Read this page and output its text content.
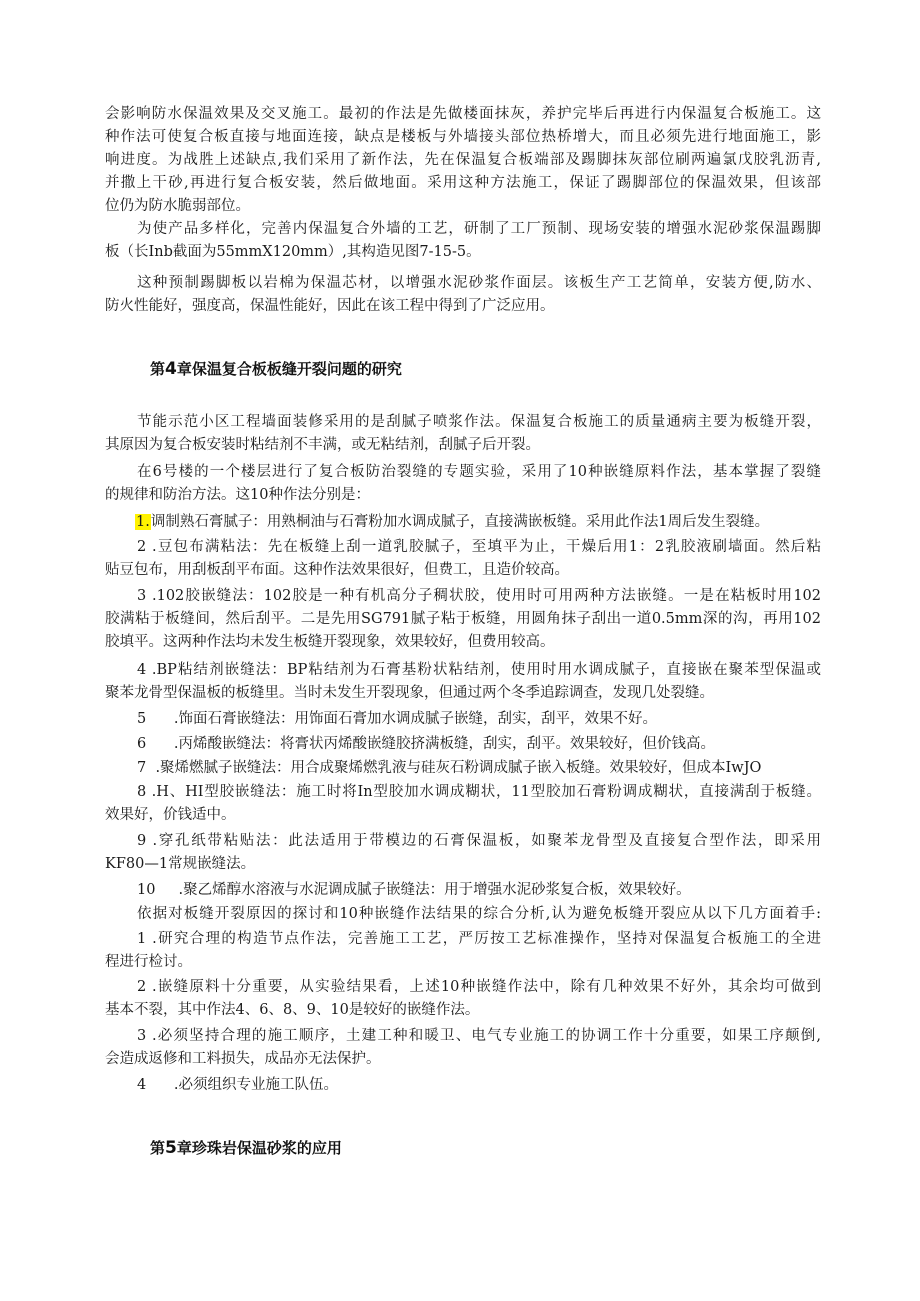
会影响防水保温效果及交叉施工。最初的作法是先做楼面抹灰，养护完毕后再进行内保温复合板施工。这
种作法可使复合板直接与地面连接，缺点是楼板与外墙接头部位热桥增大，而且必须先进行地面施工，影
响进度。为战胜上述缺点,我们采用了新作法，先在保温复合板端部及踢脚抹灰部位刷两遍氯戊胶乳沥青,
并撒上干砂,再进行复合板安装，然后做地面。采用这种方法施工，保证了踢脚部位的保温效果，但该部
位仍为防水脆弱部位。
为使产品多样化，完善内保温复合外墙的工艺，研制了工厂预制、现场安装的增强水泥砂浆保温踢脚
板（长Inb截面为55mmX120mm）,其构造见图7-15-5。
这种预制踢脚板以岩棉为保温芯材，以增强水泥砂浆作面层。该板生产工艺简单，安装方便,防水、
防火性能好，强度高，保温性能好，因此在该工程中得到了广泛应用。
第4章保温复合板板缝开裂问题的研究
节能示范小区工程墙面装修采用的是刮腻子喷浆作法。保温复合板施工的质量通病主要为板缝开裂，
其原因为复合板安装时粘结剂不丰满，或无粘结剂，刮腻子后开裂。
在6号楼的一个楼层进行了复合板防治裂缝的专题实验，采用了10种嵌缝原料作法，基本掌握了裂缝
的规律和防治方法。这10种作法分别是：
1.调制熟石膏腻子：用熟桐油与石膏粉加水调成腻子，直接满嵌板缝。采用此作法1周后发生裂缝。
2 .豆包布满粘法：先在板缝上刮一道乳胶腻子，至填平为止，干燥后用1：2乳胶液刷墙面。然后粘
贴豆包布，用刮板刮平布面。这种作法效果很好，但费工，且造价较高。
3 .102胶嵌缝法：102胶是一种有机高分子稠状胶，使用时可用两种方法嵌缝。一是在粘板时用102
胶满粘于板缝间，然后刮平。二是先用SG791腻子粘于板缝，用圆角抹子刮出一道0.5mm深的沟，再用102
胶填平。这两种作法均未发生板缝开裂现象，效果较好，但费用较高。
4 .BP粘结剂嵌缝法：BP粘结剂为石膏基粉状粘结剂，使用时用水调成腻子，直接嵌在聚苯型保温或
聚苯龙骨型保温板的板缝里。当时未发生开裂现象，但通过两个冬季追踪调查，发现几处裂缝。
5      .饰面石膏嵌缝法：用饰面石膏加水调成腻子嵌缝，刮实，刮平，效果不好。
6      .丙烯酸嵌缝法：将膏状丙烯酸嵌缝胶挤满板缝，刮实，刮平。效果较好，但价钱高。
7  .聚烯燃腻子嵌缝法：用合成聚烯燃乳液与硅灰石粉调成腻子嵌入板缝。效果较好，但成本IwJO
8 .H、HI型胶嵌缝法：施工时将In型胶加水调成糊状，11型胶加石膏粉调成糊状，直接满刮于板缝。
效果好，价钱适中。
9 .穿孔纸带粘贴法：此法适用于带模边的石膏保温板，如聚苯龙骨型及直接复合型作法，即采用
KF80—1常规嵌缝法。
10     .聚乙烯醇水溶液与水泥调成腻子嵌缝法：用于增强水泥砂浆复合板，效果较好。
依据对板缝开裂原因的探讨和10种嵌缝作法结果的综合分析,认为避免板缝开裂应从以下几方面着手:
1 .研究合理的构造节点作法，完善施工工艺，严厉按工艺标准操作，坚持对保温复合板施工的全进
程进行检讨。
2 .嵌缝原料十分重要，从实验结果看，上述10种嵌缝作法中，除有几种效果不好外，其余均可做到
基本不裂，其中作法4、6、8、9、10是较好的嵌缝作法。
3 .必须坚持合理的施工顺序，土建工种和暖卫、电气专业施工的协调工作十分重要，如果工序颠倒,
会造成返修和工料损失，成品亦无法保护。
4      .必须组织专业施工队伍。
第5章珍珠岩保温砂浆的应用
